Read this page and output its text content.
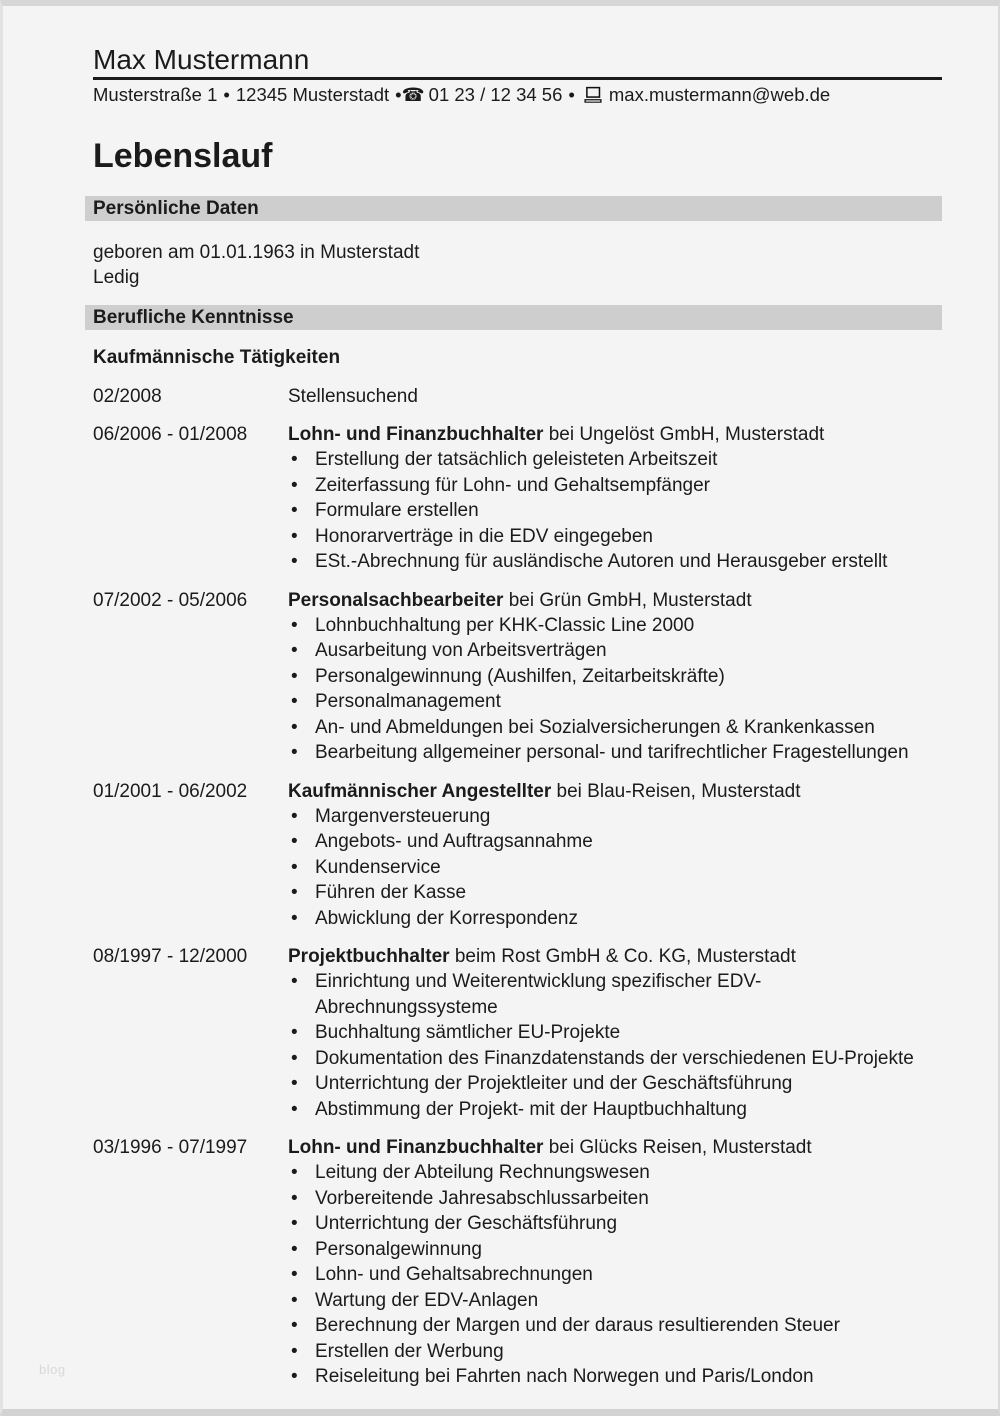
Max Mustermann
Musterstraße 1 • 12345 Musterstadt •☎ 01 23 / 12 34 56 • max.mustermann@web.de
Lebenslauf
Persönliche Daten

geboren am 01.01.1963 in Musterstadt

Ledig

Berufliche Kenntnisse
Kaufmännische Tätigkeiten
02/2008	Stellensuchend
06/2006 - 01/2008	Lohn- und Finanzbuchhalter bei Ungelöst GmbH, Musterstadt
• Erstellung der tatsächlich geleisteten Arbeitszeit
• Zeiterfassung für Lohn- und Gehaltsempfänger
• Formulare erstellen
• Honorarverträge in die EDV eingegeben
• ESt.-Abrechnung für ausländische Autoren und Herausgeber erstellt
07/2002 - 05/2006	Personalsachbearbeiter bei Grün GmbH, Musterstadt
• Lohnbuchhaltung per KHK-Classic Line 2000
• Ausarbeitung von Arbeitsverträgen
• Personalgewinnung (Aushilfen, Zeitarbeitskräfte)
• Personalmanagement
• An- und Abmeldungen bei Sozialversicherungen & Krankenkassen
• Bearbeitung allgemeiner personal- und tarifrechtlicher Fragestellungen
01/2001 - 06/2002	Kaufmännischer Angestellter bei Blau-Reisen, Musterstadt
• Margenversteuerung
• Angebots- und Auftragsannahme
• Kundenservice
• Führen der Kasse
• Abwicklung der Korrespondenz
08/1997 - 12/2000	Projektbuchhalter beim Rost GmbH & Co. KG, Musterstadt
• Einrichtung und Weiterentwicklung spezifischer EDV-Abrechnungssysteme
• Buchhaltung sämtlicher EU-Projekte
• Dokumentation des Finanzdatenstands der verschiedenen EU-Projekte
• Unterrichtung der Projektleiter und der Geschäftsführung
• Abstimmung der Projekt- mit der Hauptbuchhaltung
03/1996 - 07/1997	Lohn- und Finanzbuchhalter bei Glücks Reisen, Musterstadt
• Leitung der Abteilung Rechnungswesen
• Vorbereitende Jahresabschlussarbeiten
• Unterrichtung der Geschäftsführung
• Personalgewinnung
• Lohn- und Gehaltsabrechnungen
• Wartung der EDV-Anlagen
• Berechnung der Margen und der daraus resultierenden Steuer
• Erstellen der Werbung
• Reiseleitung bei Fahrten nach Norwegen und Paris/London
blog
